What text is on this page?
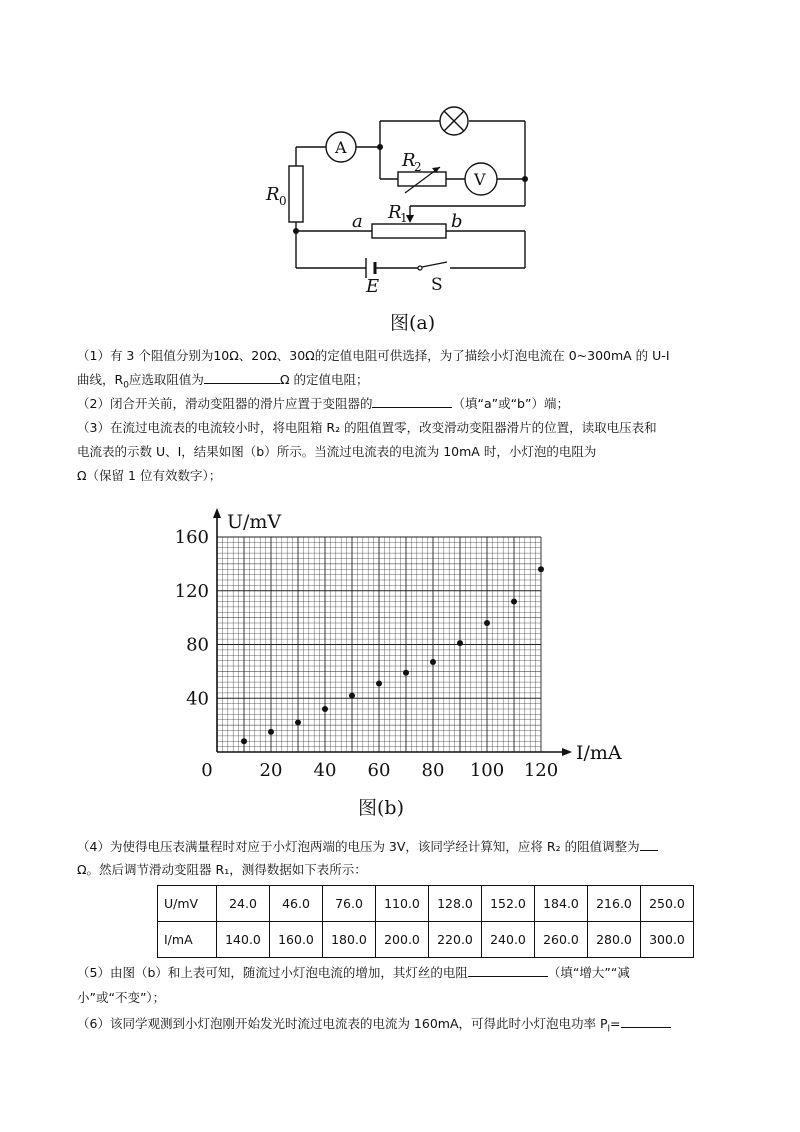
A
V
R 0
R
2
R
1
a	b
E	S
图(a)
（1）有 3 个阻值分别为10Ω、20Ω、30Ω的定值电阻可供选择，为了描绘小灯泡电流在 0~300mA 的 U-I
曲线，$R_0$应选取阻值为	Ω 的定值电阻；
（2）闭合开关前，滑动变阻器的滑片应置于变阻器的	（填“a”或“b”）端；
（3）在流过电流表的电流较小时，将电阻箱 R₂ 的阻值置零，改变滑动变阻器滑片的位置，读取电压表和
电流表的示数 U、I，结果如图（b）所示。当流过电流表的电流为 10mA 时，小灯泡的电阻为
Ω（保留 1 位有效数字）；
0	20 40 60 80 100 120
40
80
120
160
U/mV
I/mA
图(b)
（4）为使得电压表满量程时对应于小灯泡两端的电压为 3V，该同学经计算知，应将 R₂ 的阻值调整为
Ω。然后调节滑动变阻器 R₁，测得数据如下表所示：
U/mV	24.0	46.0	76.0	110.0	128.0	152.0	184.0	216.0	250.0
I/mA	140.0	160.0	180.0	200.0	220.0	240.0	260.0	280.0	300.0
（5）由图（b）和上表可知，随流过小灯泡电流的增加，其灯丝的电阻	（填“增大”“减
小”或“不变”）；
（6）该同学观测到小灯泡刚开始发光时流过电流表的电流为 160mA，可得此时小灯泡电功率 $P_l=$
